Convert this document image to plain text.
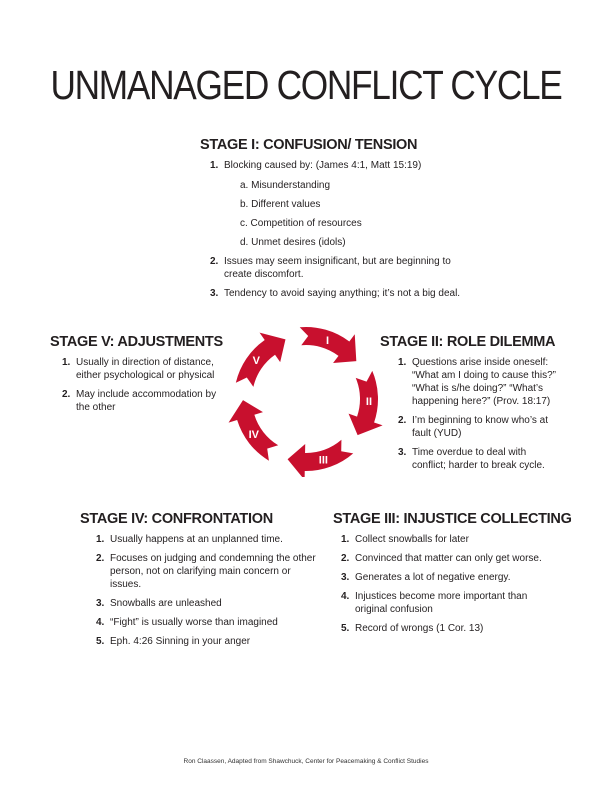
UNMANAGED CONFLICT CYCLE
STAGE I: CONFUSION/ TENSION
1. Blocking caused by: (James 4:1, Matt 15:19)
a. Misunderstanding
b. Different values
c. Competition of resources
d. Unmet desires (idols)
2. Issues may seem insignificant, but are beginning to create discomfort.
3. Tendency to avoid saying anything; it’s not a big deal.
STAGE V: ADJUSTMENTS
1. Usually in direction of distance, either psychological or physical
2. May include accommodation by the other
STAGE II: ROLE DILEMMA
1. Questions arise inside oneself: “What am I doing to cause this?” “What is s/he doing?” “What’s happening here?” (Prov. 18:17)
2. I’m beginning to know who’s at fault (YUD)
3. Time overdue to deal with conflict; harder to break cycle.
I
II
III
IV
V
STAGE IV: CONFRONTATION
1. Usually happens at an unplanned time.
2. Focuses on judging and condemning the other person, not on clarifying main concern or issues.
3. Snowballs are unleashed
4. “Fight” is usually worse than imagined
5. Eph. 4:26 Sinning in your anger
STAGE III: INJUSTICE COLLECTING
1. Collect snowballs for later
2. Convinced that matter can only get worse.
3. Generates a lot of negative energy.
4. Injustices become more important than original confusion
5. Record of wrongs (1 Cor. 13)
Ron Claassen, Adapted from Shawchuck, Center for Peacemaking & Conflict Studies
